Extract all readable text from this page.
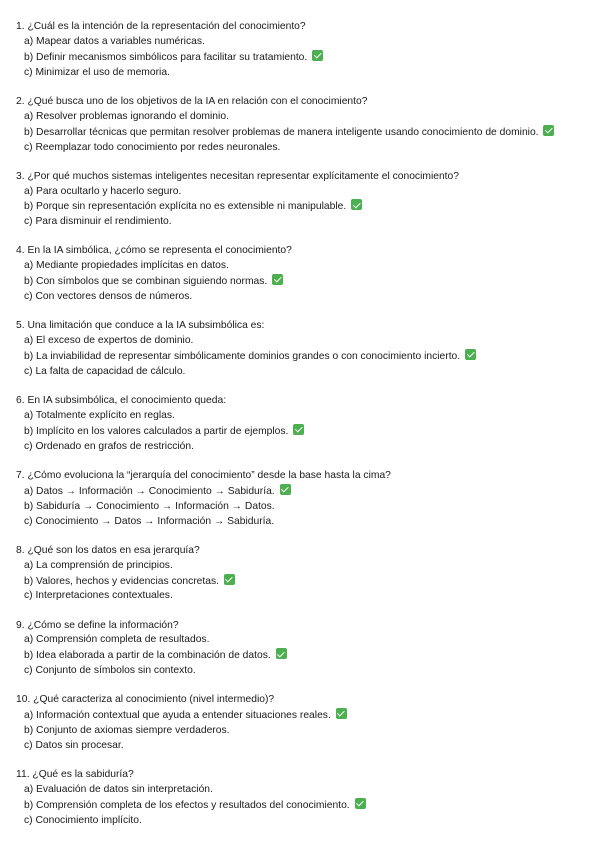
1. ¿Cuál es la intención de la representación del conocimiento?

a) Mapear datos a variables numéricas.

b) Definir mecanismos simbólicos para facilitar su tratamiento.

c) Minimizar el uso de memoria.

2. ¿Qué busca uno de los objetivos de la IA en relación con el conocimiento?

a) Resolver problemas ignorando el dominio.

b) Desarrollar técnicas que permitan resolver problemas de manera inteligente usando conocimiento de dominio.

c) Reemplazar todo conocimiento por redes neuronales.

3. ¿Por qué muchos sistemas inteligentes necesitan representar explícitamente el conocimiento?

a) Para ocultarlo y hacerlo seguro.

b) Porque sin representación explícita no es extensible ni manipulable.

c) Para disminuir el rendimiento.

4. En la IA simbólica, ¿cómo se representa el conocimiento?

a) Mediante propiedades implícitas en datos.

b) Con símbolos que se combinan siguiendo normas.

c) Con vectores densos de números.

5. Una limitación que conduce a la IA subsimbólica es:

a) El exceso de expertos de dominio.

b) La inviabilidad de representar simbólicamente dominios grandes o con conocimiento incierto.

c) La falta de capacidad de cálculo.

6. En IA subsimbólica, el conocimiento queda:

a) Totalmente explícito en reglas.

b) Implícito en los valores calculados a partir de ejemplos.

c) Ordenado en grafos de restricción.

7. ¿Cómo evoluciona la “jerarquía del conocimiento” desde la base hasta la cima?

a) Datos → Información → Conocimiento → Sabiduría.

b) Sabiduría → Conocimiento → Información → Datos.

c) Conocimiento → Datos → Información → Sabiduría.

8. ¿Qué son los datos en esa jerarquía?

a) La comprensión de principios.

b) Valores, hechos y evidencias concretas.

c) Interpretaciones contextuales.

9. ¿Cómo se define la información?

a) Comprensión completa de resultados.

b) Idea elaborada a partir de la combinación de datos.

c) Conjunto de símbolos sin contexto.

10. ¿Qué caracteriza al conocimiento (nivel intermedio)?

a) Información contextual que ayuda a entender situaciones reales.

b) Conjunto de axiomas siempre verdaderos.

c) Datos sin procesar.

11. ¿Qué es la sabiduría?

a) Evaluación de datos sin interpretación.

b) Comprensión completa de los efectos y resultados del conocimiento.

c) Conocimiento implícito.
